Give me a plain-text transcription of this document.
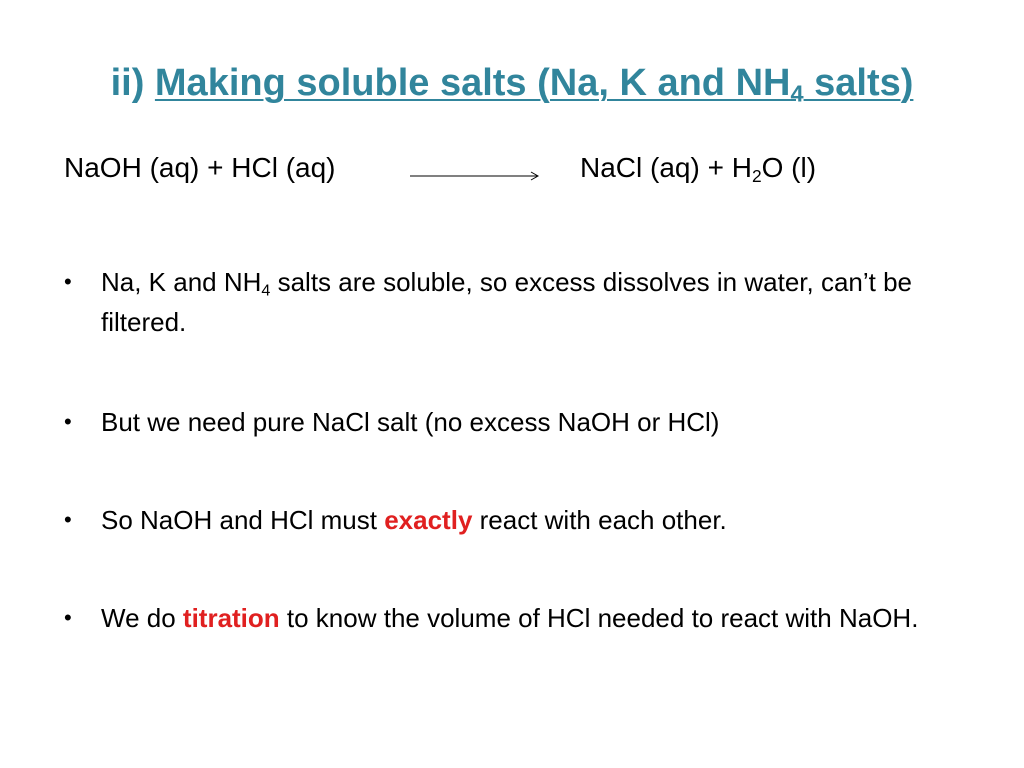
ii) Making soluble salts (Na, K and $NH_4$ salts)
NaOH (aq) + HCl (aq)	NaCl $(aq) + H_2O$ (l)
•	Na, K and $NH_4$ salts are soluble, so excess dissolves in water, can’t be filtered.
•	But we need pure NaCl salt (no excess NaOH or HCl)
•	So NaOH and HCl must exactly react with each other.
•	We do titration to know the volume of HCl needed to react with NaOH.
